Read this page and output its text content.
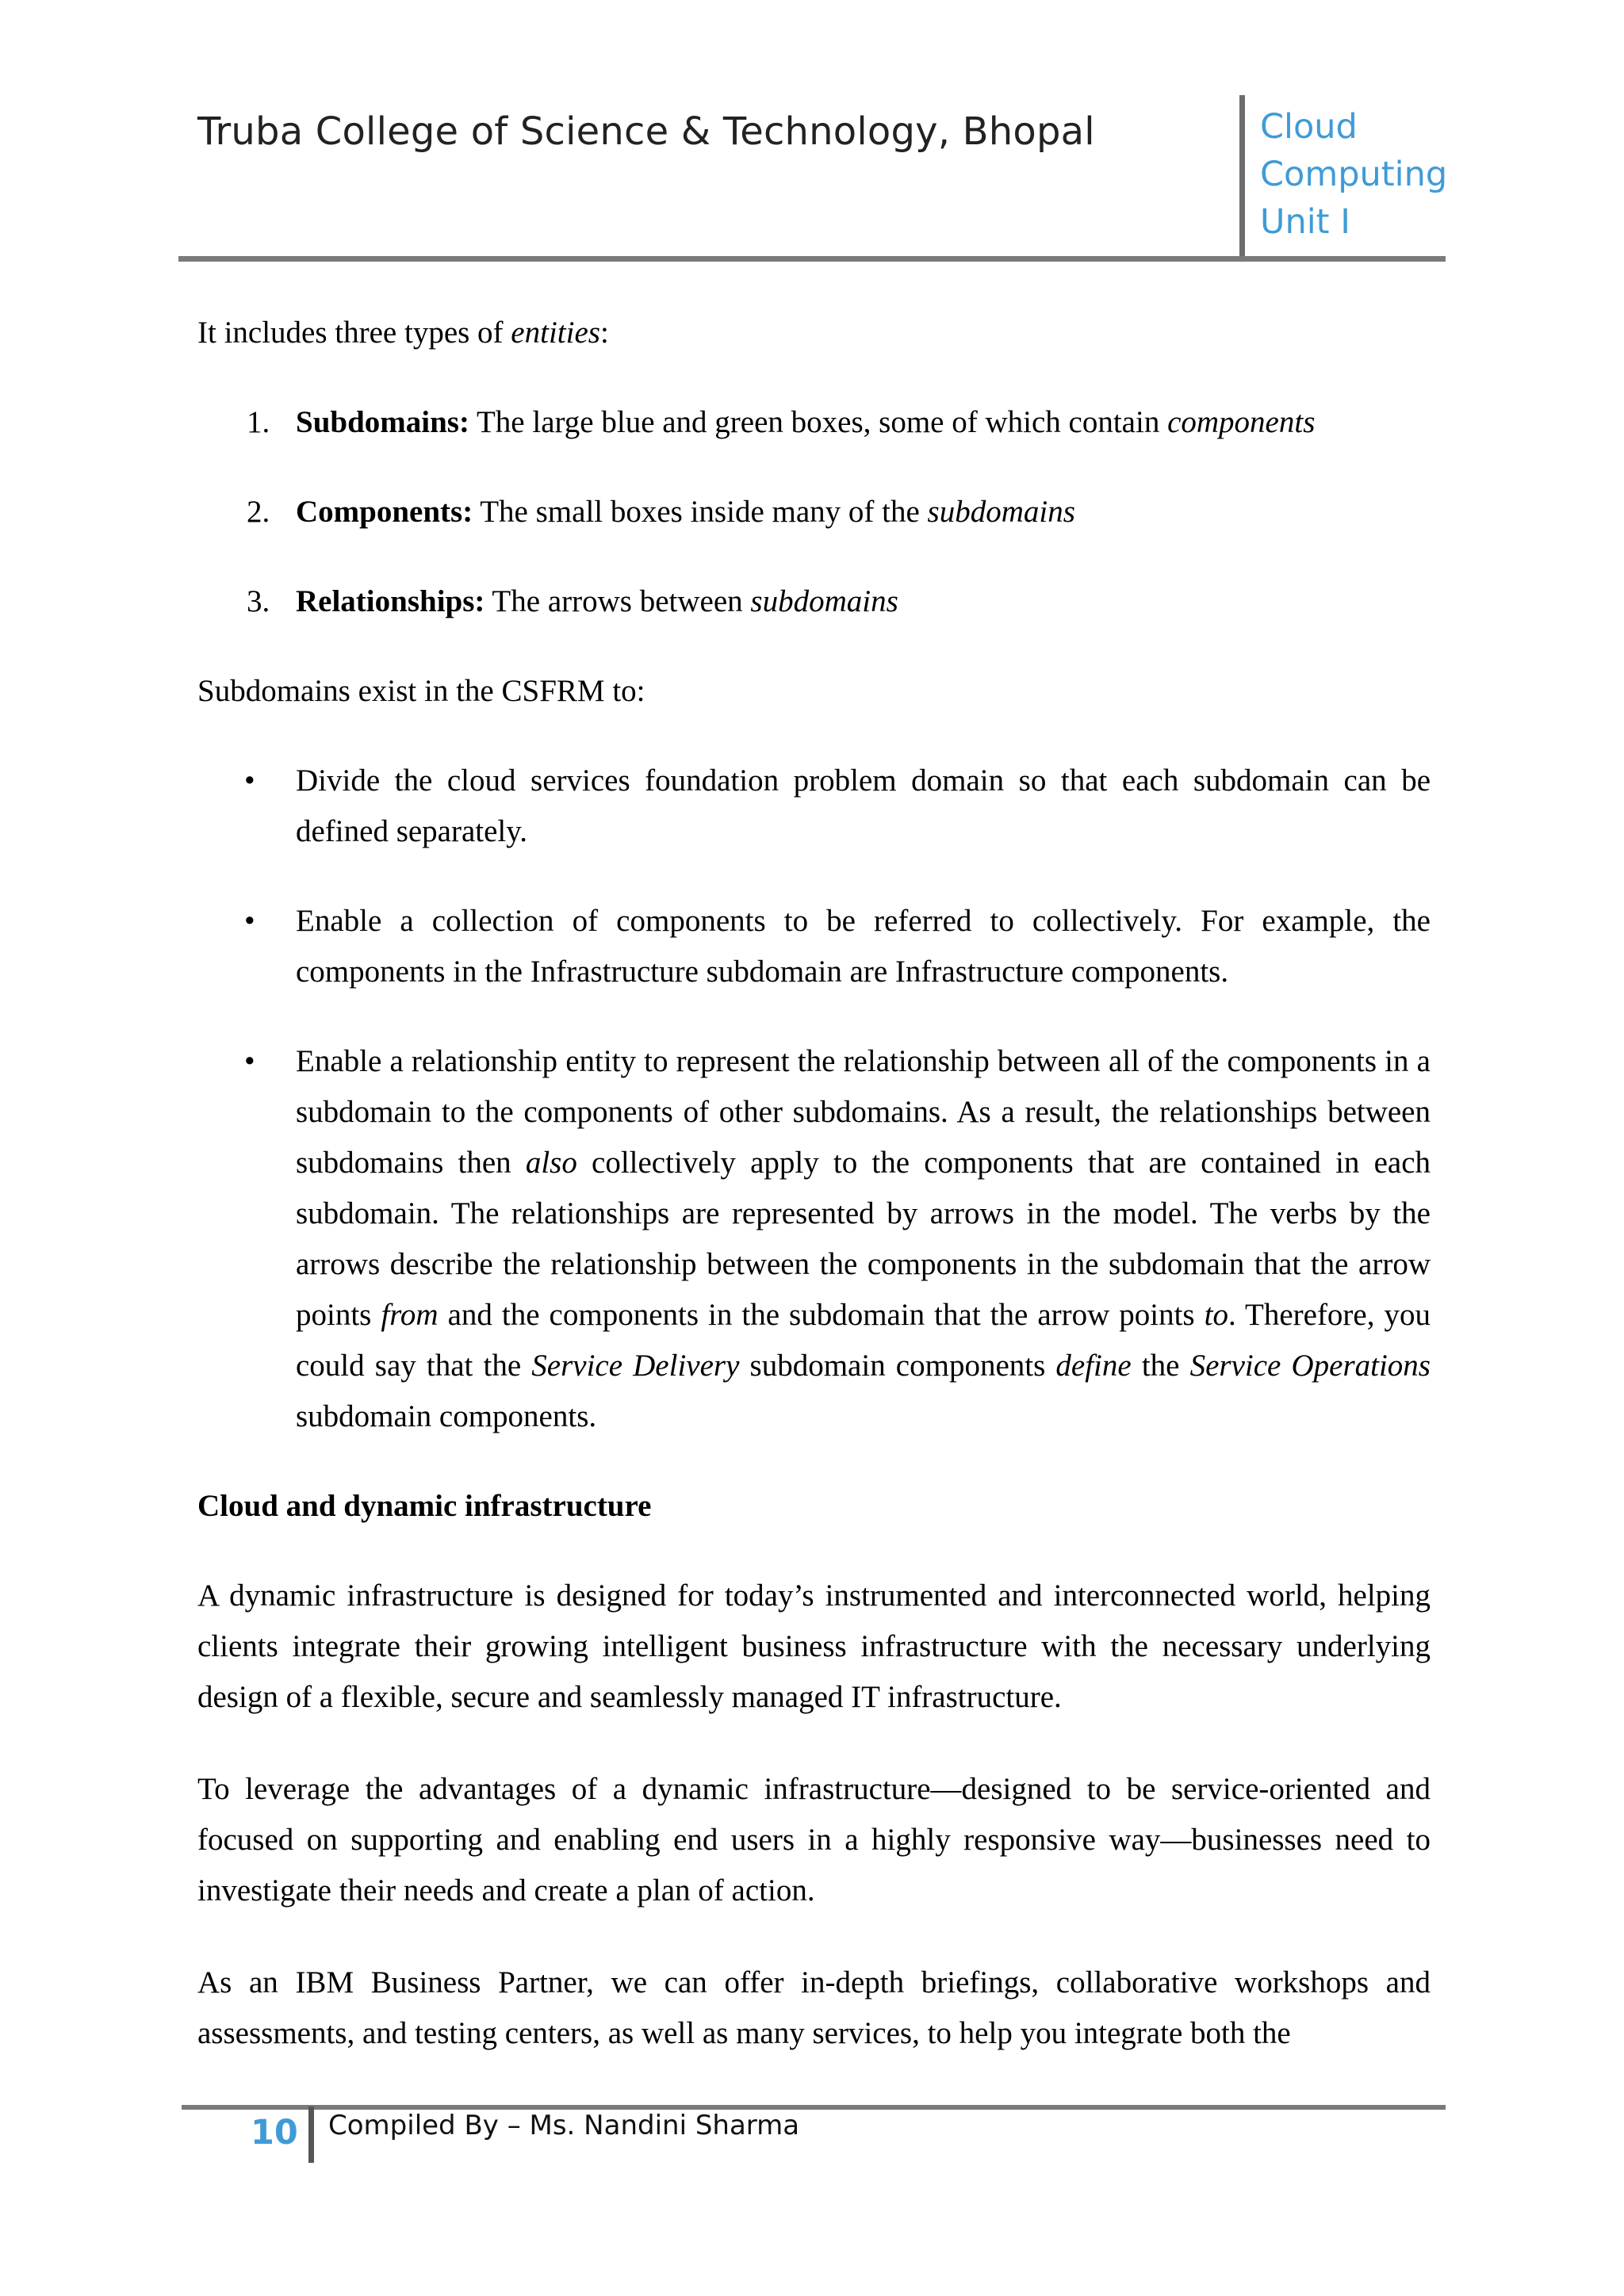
Truba College of Science & Technology, Bhopal	Cloud
Computing
Unit I

It includes three types of entities:

1. Subdomains: The large blue and green boxes, some of which contain components
2. Components: The small boxes inside many of the subdomains
3. Relationships: The arrows between subdomains

Subdomains exist in the CSFRM to:

• Divide the cloud services foundation problem domain so that each subdomain can be defined separately.
• Enable a collection of components to be referred to collectively. For example, the components in the Infrastructure subdomain are Infrastructure components.
• Enable a relationship entity to represent the relationship between all of the components in a subdomain to the components of other subdomains. As a result, the relationships between subdomains then also collectively apply to the components that are contained in each subdomain. The relationships are represented by arrows in the model. The verbs by the arrows describe the relationship between the components in the subdomain that the arrow points from and the components in the subdomain that the arrow points to. Therefore, you could say that the Service Delivery subdomain components define the Service Operations subdomain components.

Cloud and dynamic infrastructure

A dynamic infrastructure is designed for today’s instrumented and interconnected world, helping clients integrate their growing intelligent business infrastructure with the necessary underlying design of a flexible, secure and seamlessly managed IT infrastructure.

To leverage the advantages of a dynamic infrastructure—designed to be service-oriented and focused on supporting and enabling end users in a highly responsive way—businesses need to investigate their needs and create a plan of action.

As an IBM Business Partner, we can offer in-depth briefings, collaborative workshops and assessments, and testing centers, as well as many services, to help you integrate both the

10 Compiled By – Ms. Nandini Sharma
